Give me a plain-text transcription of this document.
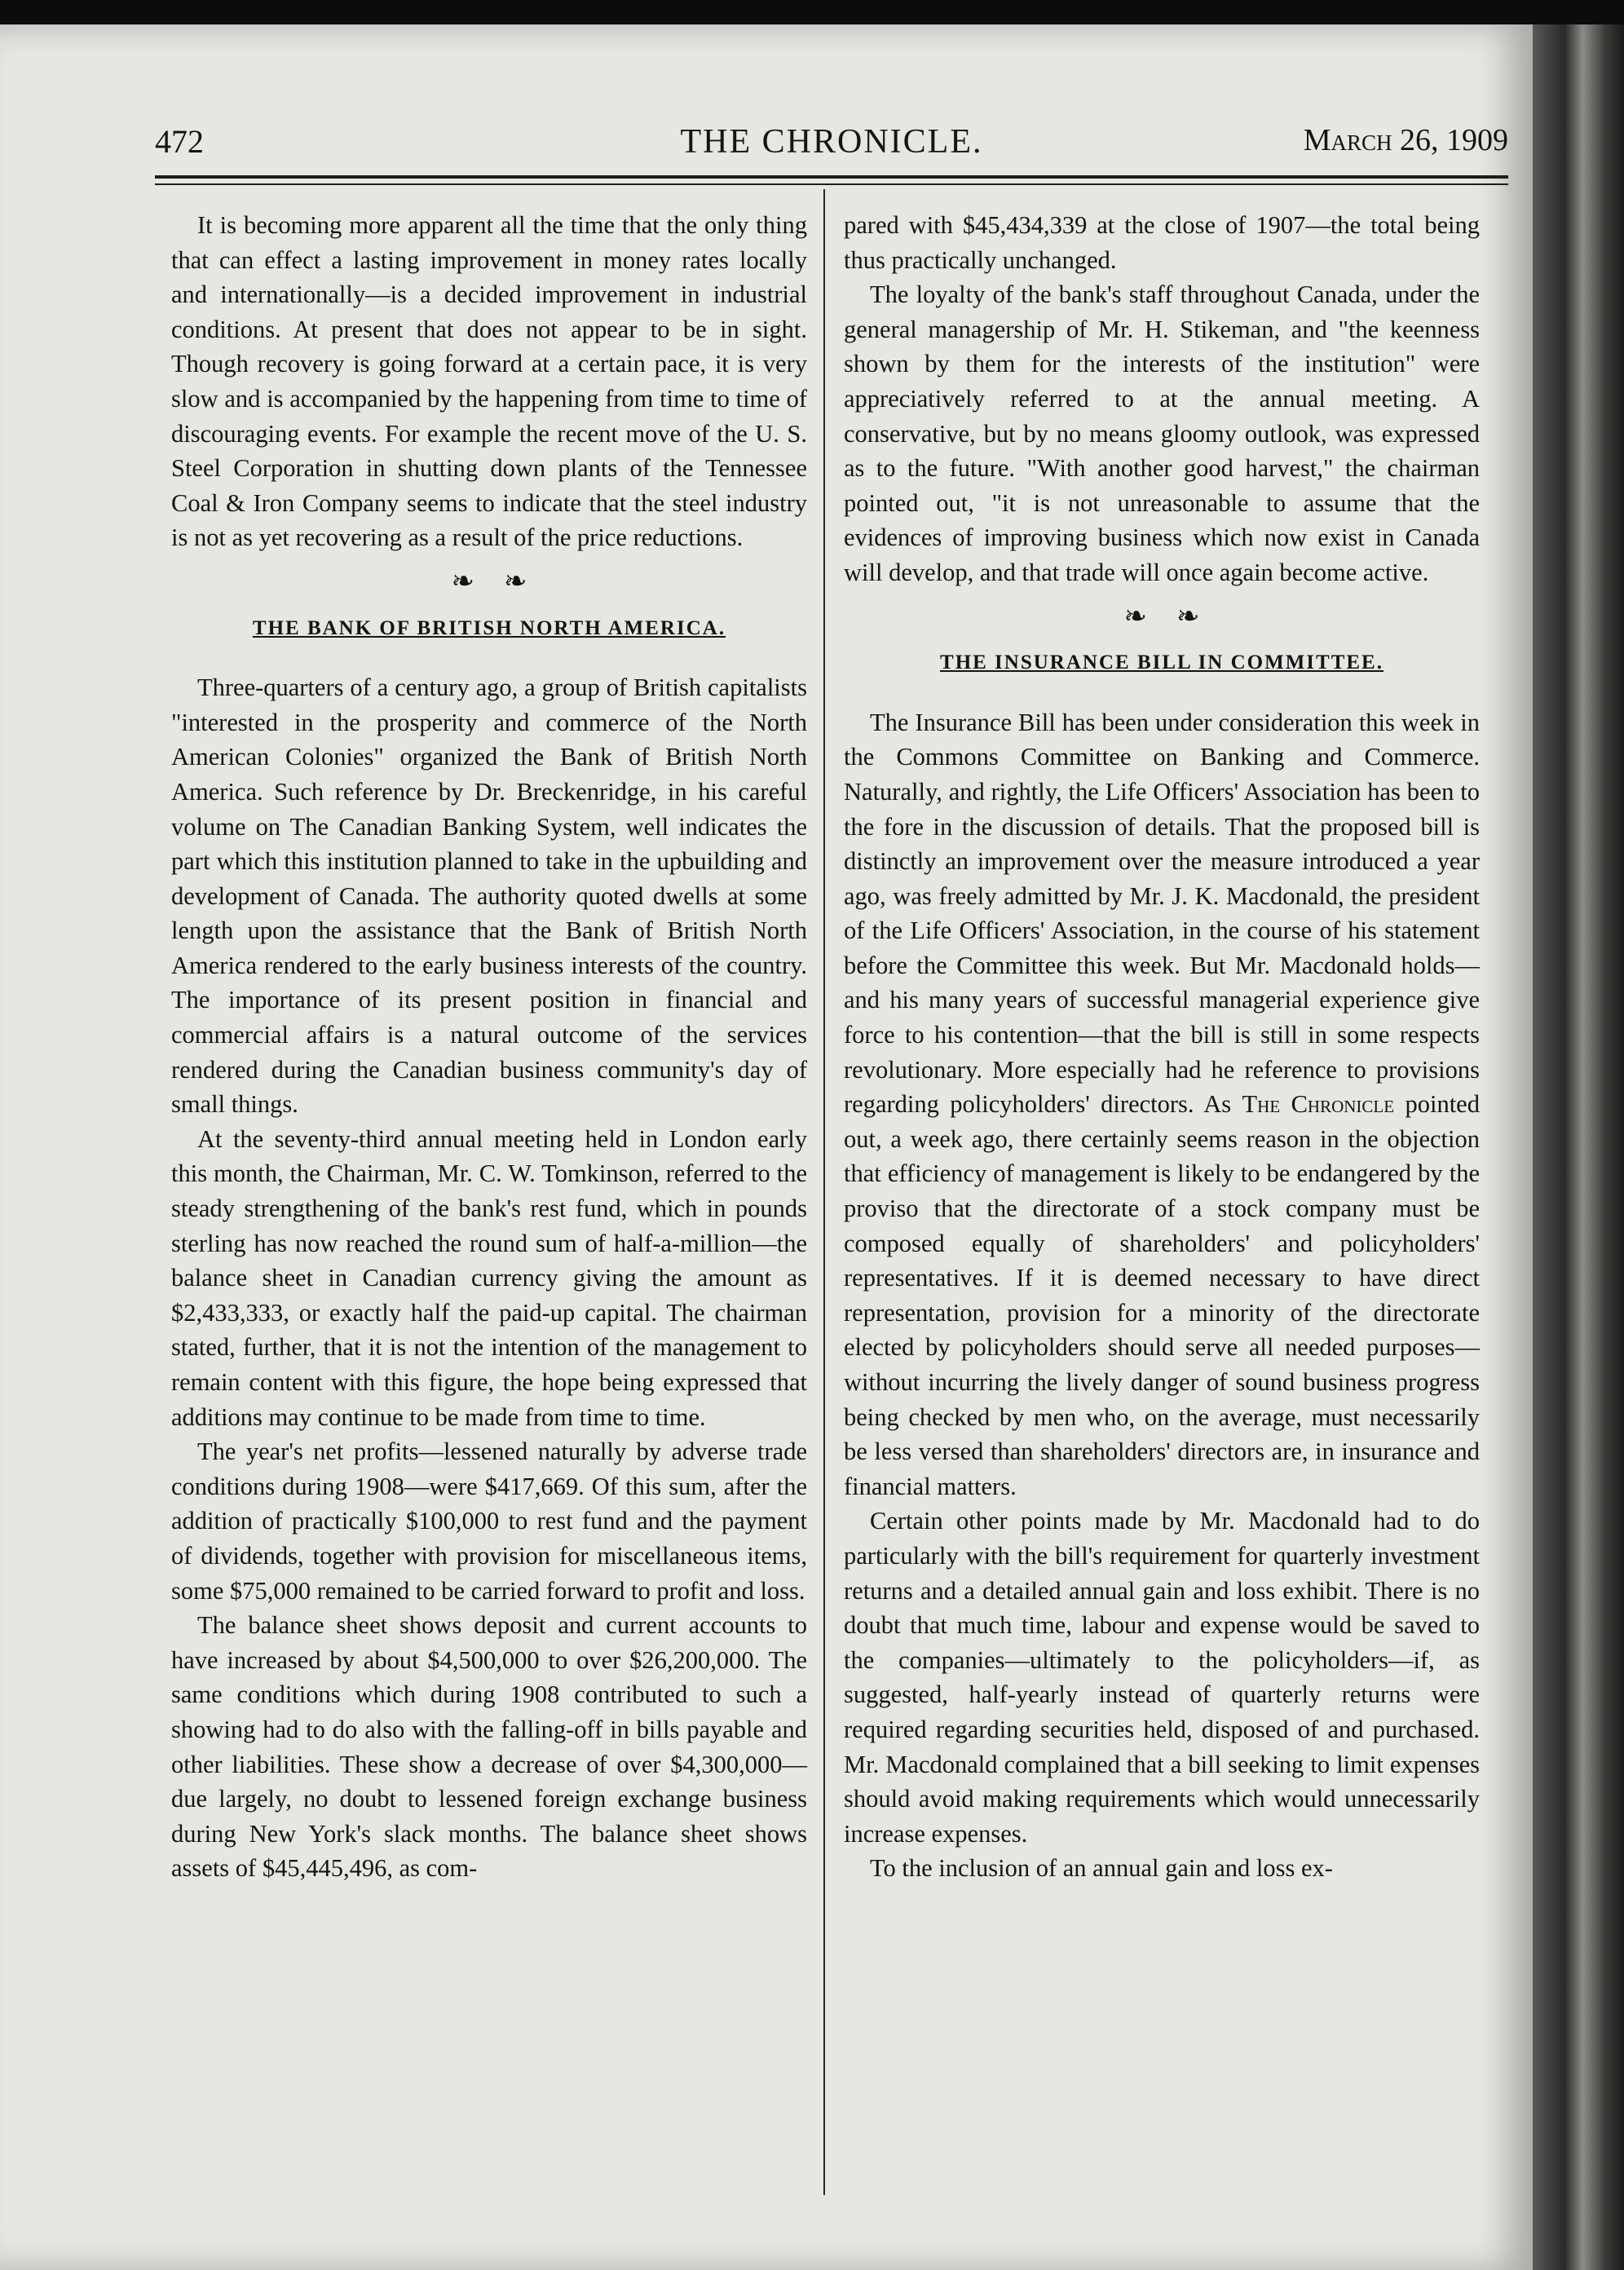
472	THE CHRONICLE.	March 26, 1909

It is becoming more apparent all the time that the only thing that can effect a lasting improvement in money rates locally and internationally—is a decided improvement in industrial conditions. At present that does not appear to be in sight. Though recovery is going forward at a certain pace, it is very slow and is accompanied by the happening from time to time of discouraging events. For example the recent move of the U. S. Steel Corporation in shutting down plants of the Tennessee Coal & Iron Company seems to indicate that the steel industry is not as yet recovering as a result of the price reductions.

❧❧
THE BANK OF BRITISH NORTH AMERICA.

Three-quarters of a century ago, a group of British capitalists "interested in the prosperity and commerce of the North American Colonies" organized the Bank of British North America. Such reference by Dr. Breckenridge, in his careful volume on The Canadian Banking System, well indicates the part which this institution planned to take in the upbuilding and development of Canada. The authority quoted dwells at some length upon the assistance that the Bank of British North America rendered to the early business interests of the country. The importance of its present position in financial and commercial affairs is a natural outcome of the services rendered during the Canadian business community's day of small things.

At the seventy-third annual meeting held in London early this month, the Chairman, Mr. C. W. Tomkinson, referred to the steady strengthening of the bank's rest fund, which in pounds sterling has now reached the round sum of half-a-million—the balance sheet in Canadian currency giving the amount as $2,433,333, or exactly half the paid-up capital. The chairman stated, further, that it is not the intention of the management to remain content with this figure, the hope being expressed that additions may continue to be made from time to time.

The year's net profits—lessened naturally by adverse trade conditions during 1908—were $417,669. Of this sum, after the addition of practically $100,000 to rest fund and the payment of dividends, together with provision for miscellaneous items, some $75,000 remained to be carried forward to profit and loss.

The balance sheet shows deposit and current accounts to have increased by about $4,500,000 to over $26,200,000. The same conditions which during 1908 contributed to such a showing had to do also with the falling-off in bills payable and other liabilities. These show a decrease of over $4,300,000—due largely, no doubt to lessened foreign exchange business during New York's slack months. The balance sheet shows assets of $45,445,496, as com-

pared with $45,434,339 at the close of 1907—the total being thus practically unchanged.

The loyalty of the bank's staff throughout Canada, under the general managership of Mr. H. Stikeman, and "the keenness shown by them for the interests of the institution" were appreciatively referred to at the annual meeting. A conservative, but by no means gloomy outlook, was expressed as to the future. "With another good harvest," the chairman pointed out, "it is not unreasonable to assume that the evidences of improving business which now exist in Canada will develop, and that trade will once again become active.

❧❧
THE INSURANCE BILL IN COMMITTEE.

The Insurance Bill has been under consideration this week in the Commons Committee on Banking and Commerce. Naturally, and rightly, the Life Officers' Association has been to the fore in the discussion of details. That the proposed bill is distinctly an improvement over the measure introduced a year ago, was freely admitted by Mr. J. K. Macdonald, the president of the Life Officers' Association, in the course of his statement before the Committee this week. But Mr. Macdonald holds—and his many years of successful managerial experience give force to his contention—that the bill is still in some respects revolutionary. More especially had he reference to provisions regarding policyholders' directors. As The Chronicle pointed out, a week ago, there certainly seems reason in the objection that efficiency of management is likely to be endangered by the proviso that the directorate of a stock company must be composed equally of shareholders' and policyholders' representatives. If it is deemed necessary to have direct representation, provision for a minority of the directorate elected by policyholders should serve all needed purposes—without incurring the lively danger of sound business progress being checked by men who, on the average, must necessarily be less versed than shareholders' directors are, in insurance and financial matters.

Certain other points made by Mr. Macdonald had to do particularly with the bill's requirement for quarterly investment returns and a detailed annual gain and loss exhibit. There is no doubt that much time, labour and expense would be saved to the companies—ultimately to the policyholders—if, as suggested, half-yearly instead of quarterly returns were required regarding securities held, disposed of and purchased. Mr. Macdonald complained that a bill seeking to limit expenses should avoid making requirements which would unnecessarily increase expenses.

To the inclusion of an annual gain and loss ex-
